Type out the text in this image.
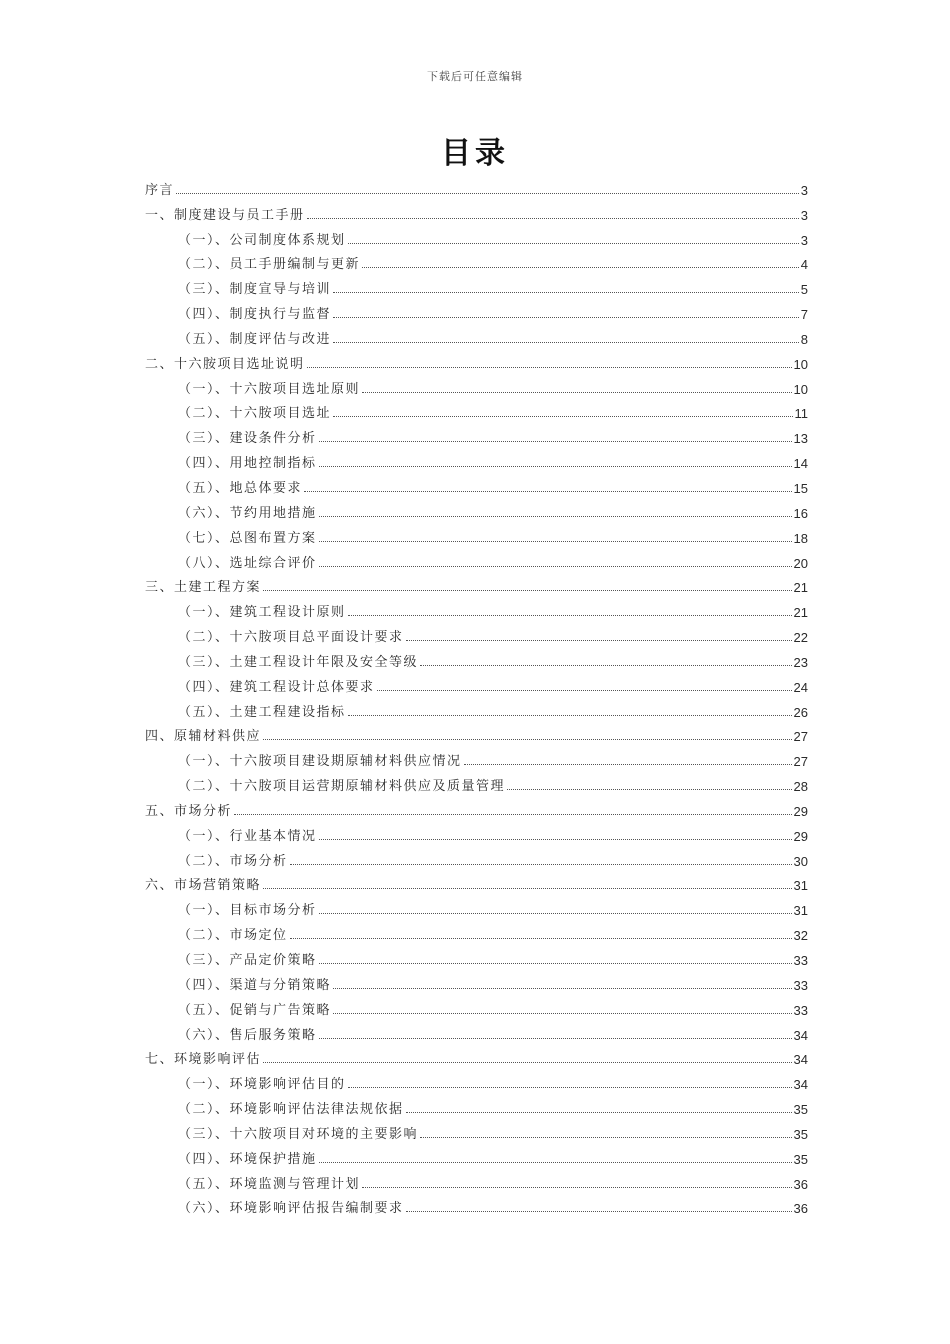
下载后可任意编辑
目录
序言	3
一、制度建设与员工手册	3
（一）、公司制度体系规划	3
（二）、员工手册编制与更新	4
（三）、制度宣导与培训	5
（四）、制度执行与监督	7
（五）、制度评估与改进	8
二、十六胺项目选址说明	10
（一）、十六胺项目选址原则	10
（二）、十六胺项目选址	11
（三）、建设条件分析	13
（四）、用地控制指标	14
（五）、地总体要求	15
（六）、节约用地措施	16
（七）、总图布置方案	18
（八）、选址综合评价	20
三、土建工程方案	21
（一）、建筑工程设计原则	21
（二）、十六胺项目总平面设计要求	22
（三）、土建工程设计年限及安全等级	23
（四）、建筑工程设计总体要求	24
（五）、土建工程建设指标	26
四、原辅材料供应	27
（一）、十六胺项目建设期原辅材料供应情况	27
（二）、十六胺项目运营期原辅材料供应及质量管理	28
五、市场分析	29
（一）、行业基本情况	29
（二）、市场分析	30
六、市场营销策略	31
（一）、目标市场分析	31
（二）、市场定位	32
（三）、产品定价策略	33
（四）、渠道与分销策略	33
（五）、促销与广告策略	33
（六）、售后服务策略	34
七、环境影响评估	34
（一）、环境影响评估目的	34
（二）、环境影响评估法律法规依据	35
（三）、十六胺项目对环境的主要影响	35
（四）、环境保护措施	35
（五）、环境监测与管理计划	36
（六）、环境影响评估报告编制要求	36
